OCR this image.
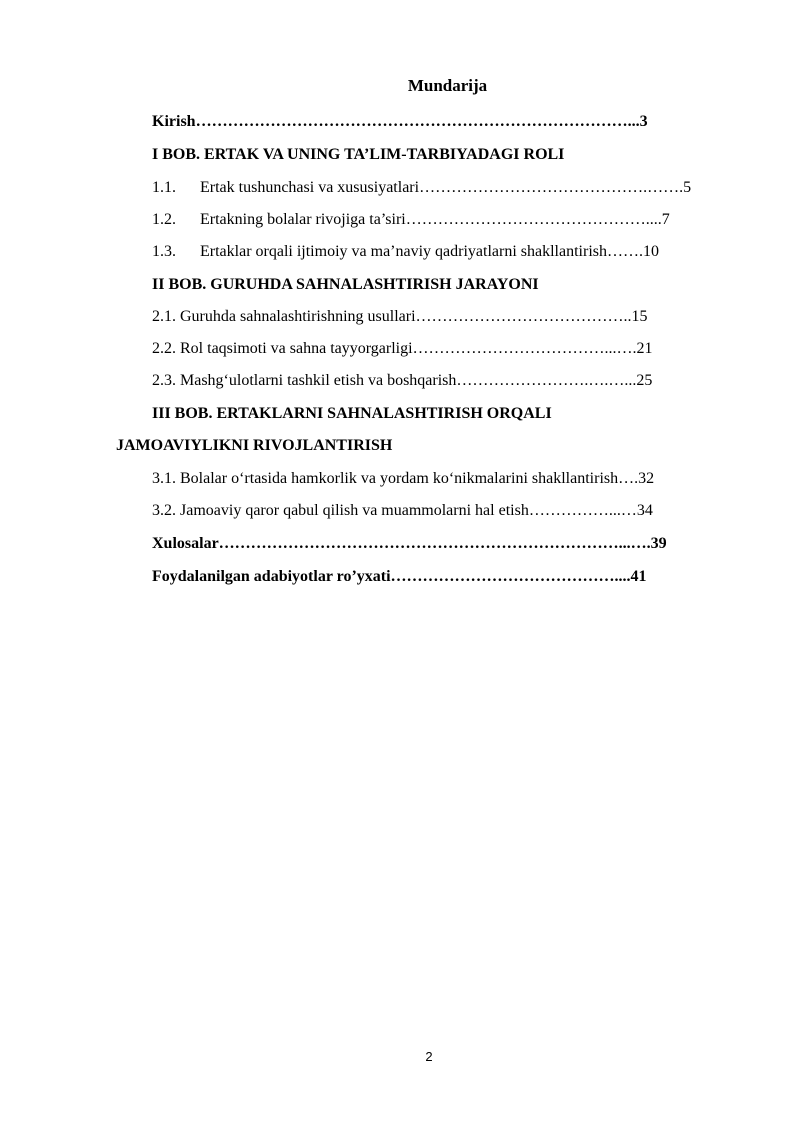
Mundarija
Kirish………………………………………………………………………...3
I BOB. ERTAK VA UNING TA’LIM-TARBIYADAGI ROLI
1.1. Ertak tushunchasi va xususiyatlari…………………………………….…….5
1.2. Ertakning bolalar rivojiga ta’siri………………………………………....7
1.3. Ertaklar orqali ijtimoiy va ma’naviy qadriyatlarni shakllantirish…….10
II BOB. GURUHDA SAHNALASHTIRISH JARAYONI
2.1. Guruhda sahnalashtirishning usullari…………………………………..15
2.2. Rol taqsimoti va sahna tayyorgarligi………………………………...….21
2.3. Mashg‘ulotlarni tashkil etish va boshqarish…………………….….…...25
III BOB. ERTAKLARNI SAHNALASHTIRISH ORQALI
JAMOAVIYLIKNI RIVOJLANTIRISH
3.1. Bolalar o‘rtasida hamkorlik va yordam ko‘nikmalarini shakllantirish….32
3.2. Jamoaviy qaror qabul qilish va muammolarni hal etish……………...…34
Xulosalar…………………………………………………………………...….39
Foydalanilgan adabiyotlar ro’yxati……………………………………....41
2
